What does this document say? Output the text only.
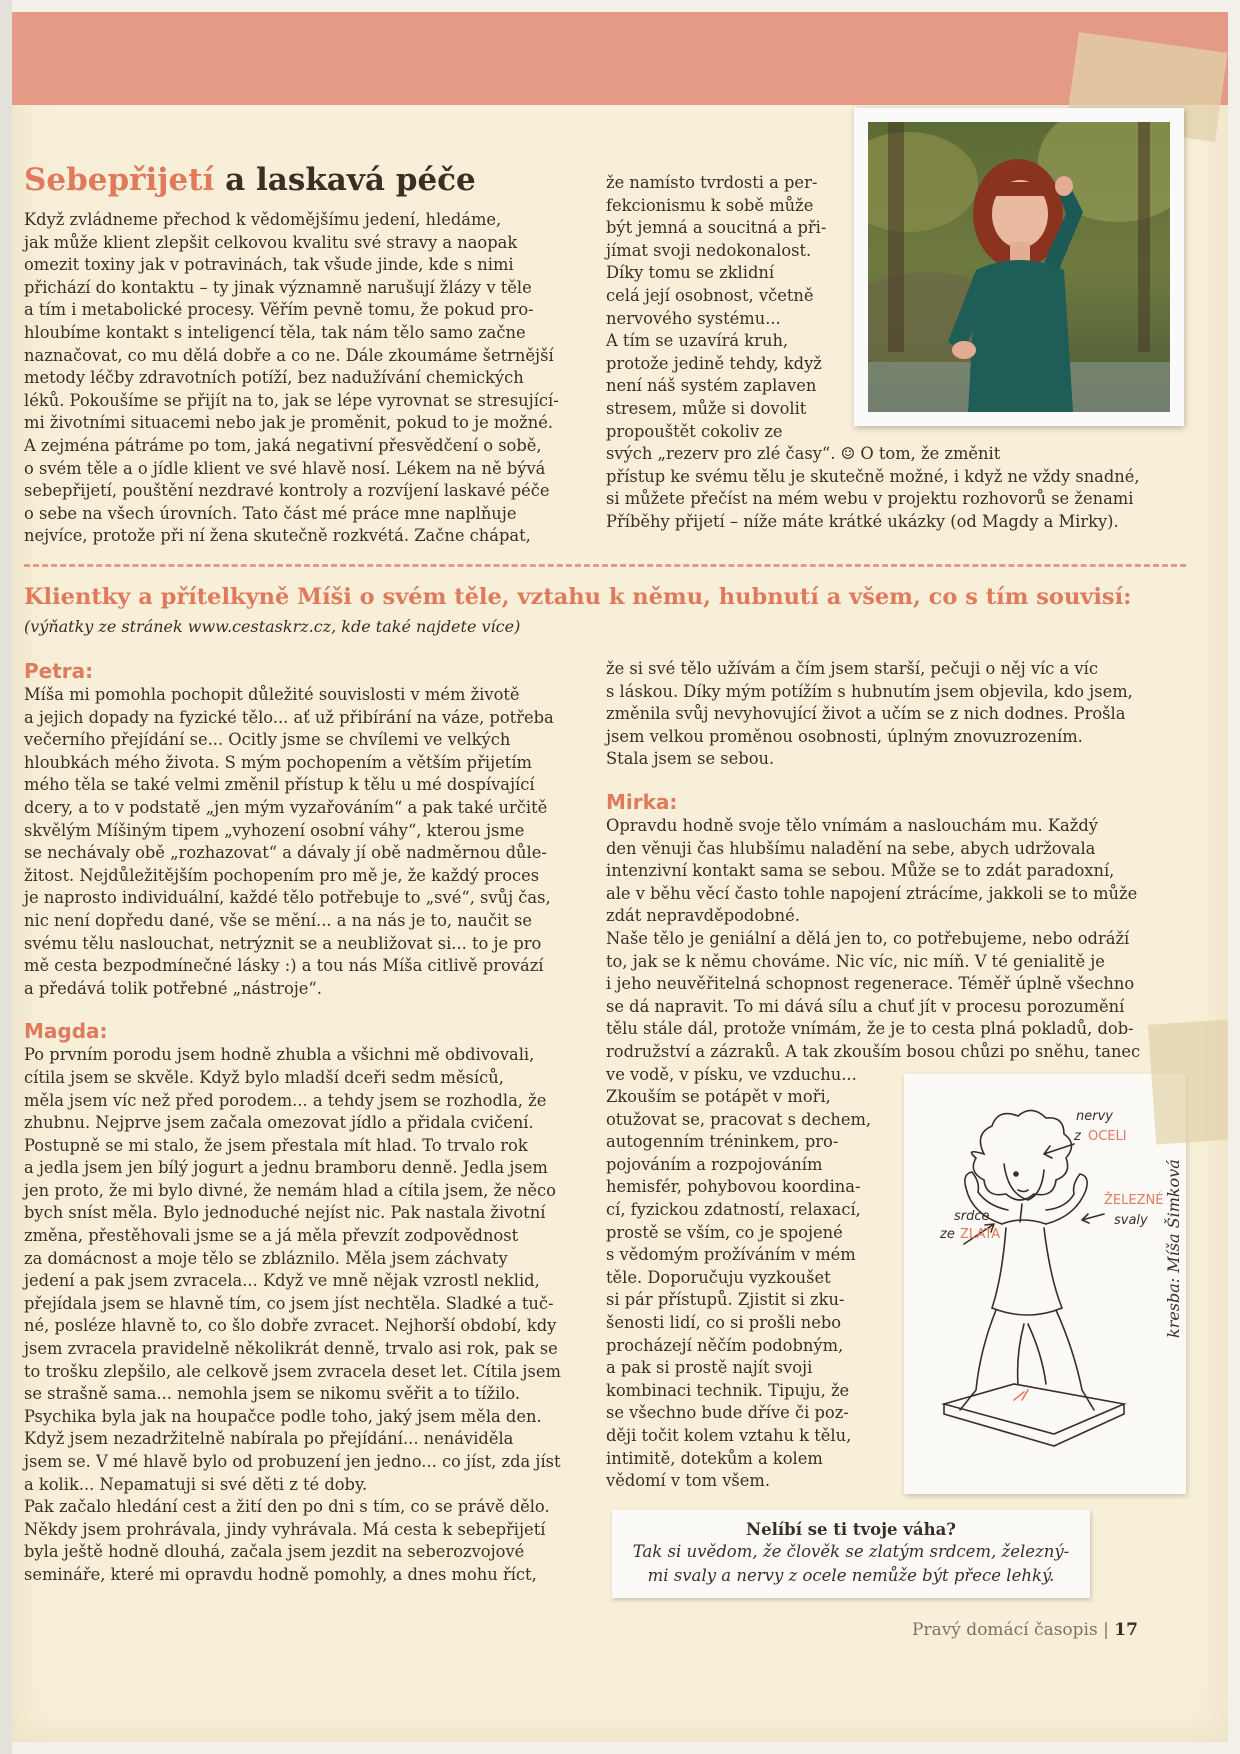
Sebepřijetí a laskavá péče
Když zvládneme přechod k vědomějšímu jedení, hledáme,
jak může klient zlepšit celkovou kvalitu své stravy a naopak
omezit toxiny jak v potravinách, tak všude jinde, kde s nimi
přichází do kontaktu – ty jinak významně narušují žlázy v těle
a tím i metabolické procesy. Věřím pevně tomu, že pokud pro-
hloubíme kontakt s inteligencí těla, tak nám tělo samo začne
naznačovat, co mu dělá dobře a co ne. Dále zkoumáme šetrnější
metody léčby zdravotních potíží, bez nadužívání chemických
léků. Pokoušíme se přijít na to, jak se lépe vyrovnat se stresující-
mi životními situacemi nebo jak je proměnit, pokud to je možné.
A zejména pátráme po tom, jaká negativní přesvědčení o sobě,
o svém těle a o jídle klient ve své hlavě nosí. Lékem na ně bývá
sebepřijetí, pouštění nezdravé kontroly a rozvíjení laskavé péče
o sebe na všech úrovních. Tato část mé práce mne naplňuje
nejvíce, protože při ní žena skutečně rozkvétá. Začne chápat,
že namísto tvrdosti a per-
fekcionismu k sobě může
být jemná a soucitná a při-
jímat svoji nedokonalost.
Díky tomu se zklidní
celá její osobnost, včetně
nervového systému...
A tím se uzavírá kruh,
protože jedině tehdy, když
není náš systém zaplaven
stresem, může si dovolit
propouštět cokoliv ze
svých „rezerv pro zlé časy“. ☺ O tom, že změnit
přístup ke svému tělu je skutečně možné, i když ne vždy snadné,
si můžete přečíst na mém webu v projektu rozhovorů se ženami
Příběhy přijetí – níže máte krátké ukázky (od Magdy a Mirky).
Klientky a přítelkyně Míši o svém těle, vztahu k němu, hubnutí a všem, co s tím souvisí:
(výňatky ze stránek www.cestaskrz.cz, kde také najdete více)
Petra:
Míša mi pomohla pochopit důležité souvislosti v mém životě
a jejich dopady na fyzické tělo... ať už přibírání na váze, potřeba
večerního přejídání se... Ocitly jsme se chvílemi ve velkých
hloubkách mého života. S mým pochopením a větším přijetím
mého těla se také velmi změnil přístup k tělu u mé dospívající
dcery, a to v podstatě „jen mým vyzařováním“ a pak také určitě
skvělým Míšiným tipem „vyhození osobní váhy“, kterou jsme
se nechávaly obě „rozhazovat“ a dávaly jí obě nadměrnou důle-
žitost. Nejdůležitějším pochopením pro mě je, že každý proces
je naprosto individuální, každé tělo potřebuje to „své“, svůj čas,
nic není dopředu dané, vše se mění... a na nás je to, naučit se
svému tělu naslouchat, netrýznit se a neubližovat si... to je pro
mě cesta bezpodmínečné lásky :) a tou nás Míša citlivě provází
a předává tolik potřebné „nástroje“.
Magda:
Po prvním porodu jsem hodně zhubla a všichni mě obdivovali,
cítila jsem se skvěle. Když bylo mladší dceři sedm měsíců,
měla jsem víc než před porodem... a tehdy jsem se rozhodla, že
zhubnu. Nejprve jsem začala omezovat jídlo a přidala cvičení.
Postupně se mi stalo, že jsem přestala mít hlad. To trvalo rok
a jedla jsem jen bílý jogurt a jednu bramboru denně. Jedla jsem
jen proto, že mi bylo divné, že nemám hlad a cítila jsem, že něco
bych sníst měla. Bylo jednoduché nejíst nic. Pak nastala životní
změna, přestěhovali jsme se a já měla převzít zodpovědnost
za domácnost a moje tělo se zbláznilo. Měla jsem záchvaty
jedení a pak jsem zvracela... Když ve mně nějak vzrostl neklid,
přejídala jsem se hlavně tím, co jsem jíst nechtěla. Sladké a tuč-
né, posléze hlavně to, co šlo dobře zvracet. Nejhorší období, kdy
jsem zvracela pravidelně několikrát denně, trvalo asi rok, pak se
to trošku zlepšilo, ale celkově jsem zvracela deset let. Cítila jsem
se strašně sama... nemohla jsem se nikomu svěřit a to tížilo.
Psychika byla jak na houpačce podle toho, jaký jsem měla den.
Když jsem nezadržitelně nabírala po přejídání... nenáviděla
jsem se. V mé hlavě bylo od probuzení jen jedno... co jíst, zda jíst
a kolik... Nepamatuji si své děti z té doby.
Pak začalo hledání cest a žití den po dni s tím, co se právě dělo.
Někdy jsem prohrávala, jindy vyhrávala. Má cesta k sebepřijetí
byla ještě hodně dlouhá, začala jsem jezdit na seberozvojové
semináře, které mi opravdu hodně pomohly, a dnes mohu říct,
že si své tělo užívám a čím jsem starší, pečuji o něj víc a víc
s láskou. Díky mým potížím s hubnutím jsem objevila, kdo jsem,
změnila svůj nevyhovující život a učím se z nich dodnes. Prošla
jsem velkou proměnou osobnosti, úplným znovuzrozením.
Stala jsem se sebou.
Mirka:
Opravdu hodně svoje tělo vnímám a naslouchám mu. Každý
den věnuji čas hlubšímu naladění na sebe, abych udržovala
intenzivní kontakt sama se sebou. Může se to zdát paradoxní,
ale v běhu věcí často tohle napojení ztrácíme, jakkoli se to může
zdát nepravděpodobné.
Naše tělo je geniální a dělá jen to, co potřebujeme, nebo odráží
to, jak se k němu chováme. Nic víc, nic míň. V té genialitě je
i jeho neuvěřitelná schopnost regenerace. Téměř úplně všechno
se dá napravit. To mi dává sílu a chuť jít v procesu porozumění
tělu stále dál, protože vnímám, že je to cesta plná pokladů, dob-
rodružství a zázraků. A tak zkouším bosou chůzi po sněhu, tanec
ve vodě, v písku, ve vzduchu...
Zkouším se potápět v moři,
otužovat se, pracovat s dechem,
autogenním tréninkem, pro-
pojováním a rozpojováním
hemisfér, pohybovou koordina-
cí, fyzickou zdatností, relaxací,
prostě se vším, co je spojené
s vědomým prožíváním v mém
těle. Doporučuju vyzkoušet
si pár přístupů. Zjistit si zku-
šenosti lidí, co si prošli nebo
procházejí něčím podobným,
a pak si prostě najít svoji
kombinaci technik. Tipuju, že
se všechno bude dříve či poz-
ději točit kolem vztahu k tělu,
intimitě, dotekům a kolem
vědomí v tom všem.
nervy
z OCELI
ŽELEZNÉ
svaly
srdce
ze ZLATA	kresba: Míša Šimková
Nelíbí se ti tvoje váha?
Tak si uvědom, že člověk se zlatým srdcem, železný-
mi svaly a nervy z ocele nemůže být přece lehký.
Pravý domácí časopis | 17
